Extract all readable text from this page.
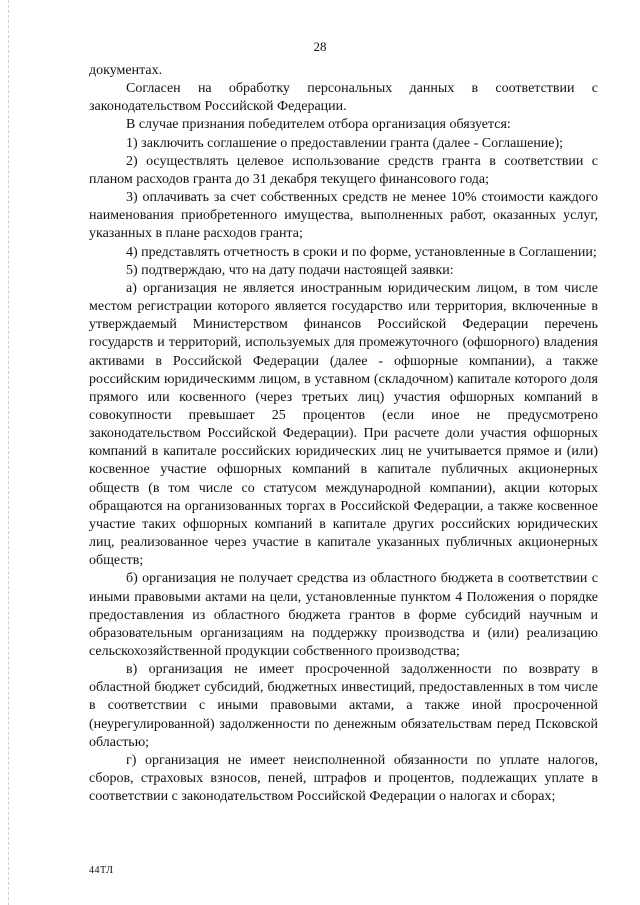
28

документах.

Согласен на обработку персональных данных в соответствии с законодательством Российской Федерации.

В случае признания победителем отбора организация обязуется:

1) заключить соглашение о предоставлении гранта (далее - Соглашение);

2) осуществлять целевое использование средств гранта в соответствии с планом расходов гранта до 31 декабря текущего финансового года;

3) оплачивать за счет собственных средств не менее 10% стоимости каждого наименования приобретенного имущества, выполненных работ, оказанных услуг, указанных в плане расходов гранта;

4) представлять отчетность в сроки и по форме, установленные в Соглашении;

5) подтверждаю, что на дату подачи настоящей заявки:

а) организация не является иностранным юридическим лицом, в том числе местом регистрации которого является государство или территория, включенные в утверждаемый Министерством финансов Российской Федерации перечень государств и территорий, используемых для промежуточного (офшорного) владения активами в Российской Федерации (далее - офшорные компании), а также российским юридическимм лицом, в уставном (складочном) капитале которого доля прямого или косвенного (через третьих лиц) участия офшорных компаний в совокупности превышает 25 процентов (если иное не предусмотрено законодательством Российской Федерации). При расчете доли участия офшорных компаний в капитале российских юридических лиц не учитывается прямое и (или) косвенное участие офшорных компаний в капитале публичных акционерных обществ (в том числе со статусом международной компании), акции которых обращаются на организованных торгах в Российской Федерации, а также косвенное участие таких офшорных компаний в капитале других российских юридических лиц, реализованное через участие в капитале указанных публичных акционерных обществ;

б) организация не получает средства из областного бюджета в соответствии с иными правовыми актами на цели, установленные пунктом 4 Положения о порядке предоставления из областного бюджета грантов в форме субсидий научным и образовательным организациям на поддержку производства и (или) реализацию сельскохозяйственной продукции собственного производства;

в) организация не имеет просроченной задолженности по возврату в областной бюджет субсидий, бюджетных инвестиций, предоставленных в том числе в соответствии с иными правовыми актами, а также иной просроченной (неурегулированной) задолженности по денежным обязательствам перед Псковской областью;

г) организация не имеет неисполненной обязанности по уплате налогов, сборов, страховых взносов, пеней, штрафов и процентов, подлежащих уплате в соответствии с законодательством Российской Федерации о налогах и сборах;

44ТЛ
